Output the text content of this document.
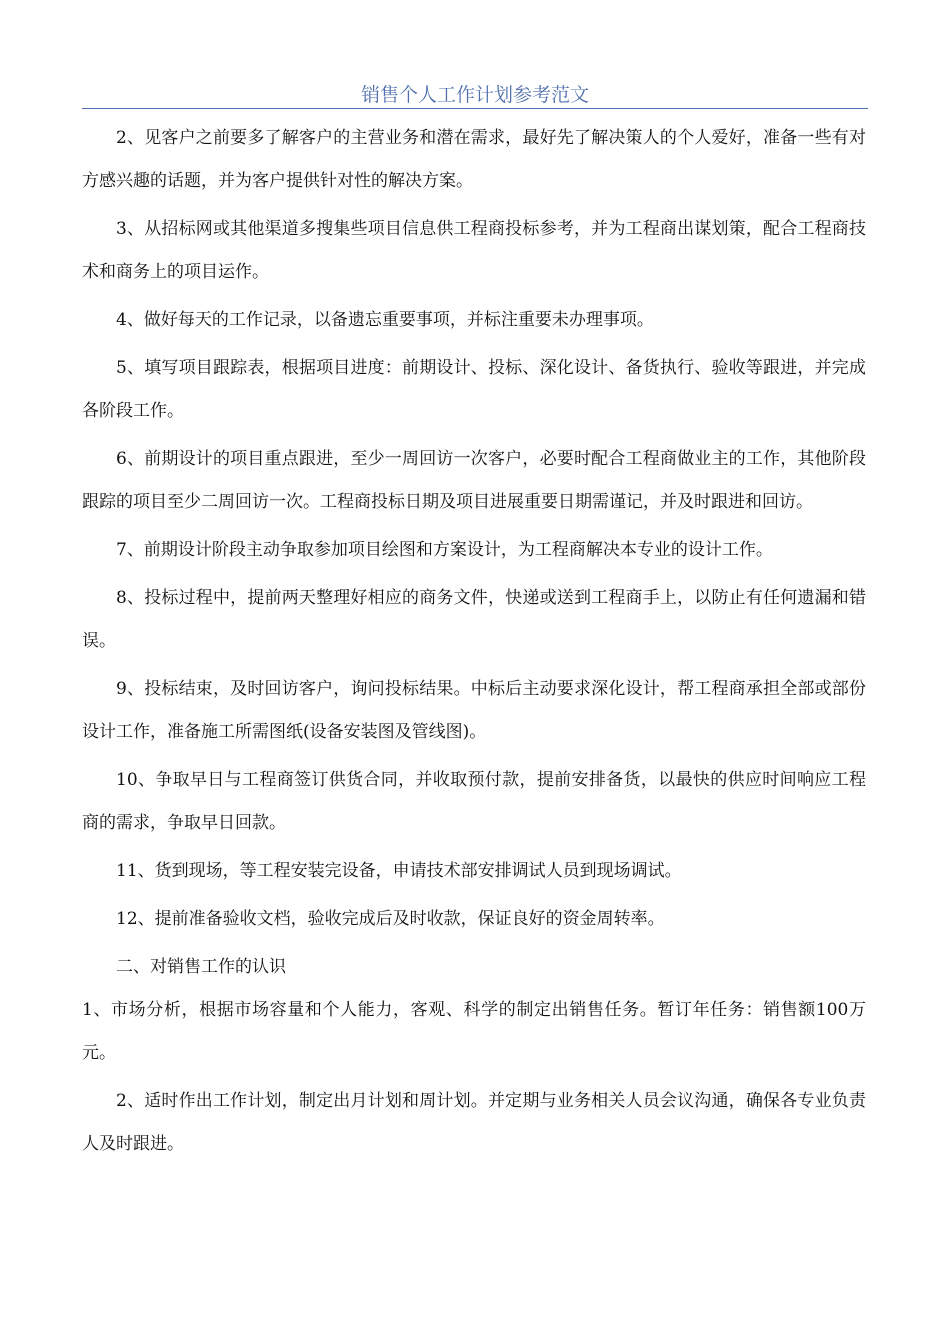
销售个人工作计划参考范文

2、见客户之前要多了解客户的主营业务和潜在需求，最好先了解决策人的个人爱好，准备一些有对方感兴趣的话题，并为客户提供针对性的解决方案。

3、从招标网或其他渠道多搜集些项目信息供工程商投标参考，并为工程商出谋划策，配合工程商技术和商务上的项目运作。

4、做好每天的工作记录，以备遗忘重要事项，并标注重要未办理事项。

5、填写项目跟踪表，根据项目进度：前期设计、投标、深化设计、备货执行、验收等跟进，并完成各阶段工作。

6、前期设计的项目重点跟进，至少一周回访一次客户，必要时配合工程商做业主的工作，其他阶段跟踪的项目至少二周回访一次。工程商投标日期及项目进展重要日期需谨记，并及时跟进和回访。

7、前期设计阶段主动争取参加项目绘图和方案设计，为工程商解决本专业的设计工作。

8、投标过程中，提前两天整理好相应的商务文件，快递或送到工程商手上，以防止有任何遗漏和错误。

9、投标结束，及时回访客户，询问投标结果。中标后主动要求深化设计，帮工程商承担全部或部份设计工作，准备施工所需图纸(设备安装图及管线图)。

10、争取早日与工程商签订供货合同，并收取预付款，提前安排备货，以最快的供应时间响应工程商的需求，争取早日回款。

11、货到现场，等工程安装完设备，申请技术部安排调试人员到现场调试。

12、提前准备验收文档，验收完成后及时收款，保证良好的资金周转率。

二、对销售工作的认识

1、市场分析，根据市场容量和个人能力，客观、科学的制定出销售任务。暂订年任务：销售额100万元。

2、适时作出工作计划，制定出月计划和周计划。并定期与业务相关人员会议沟通，确保各专业负责人及时跟进。
